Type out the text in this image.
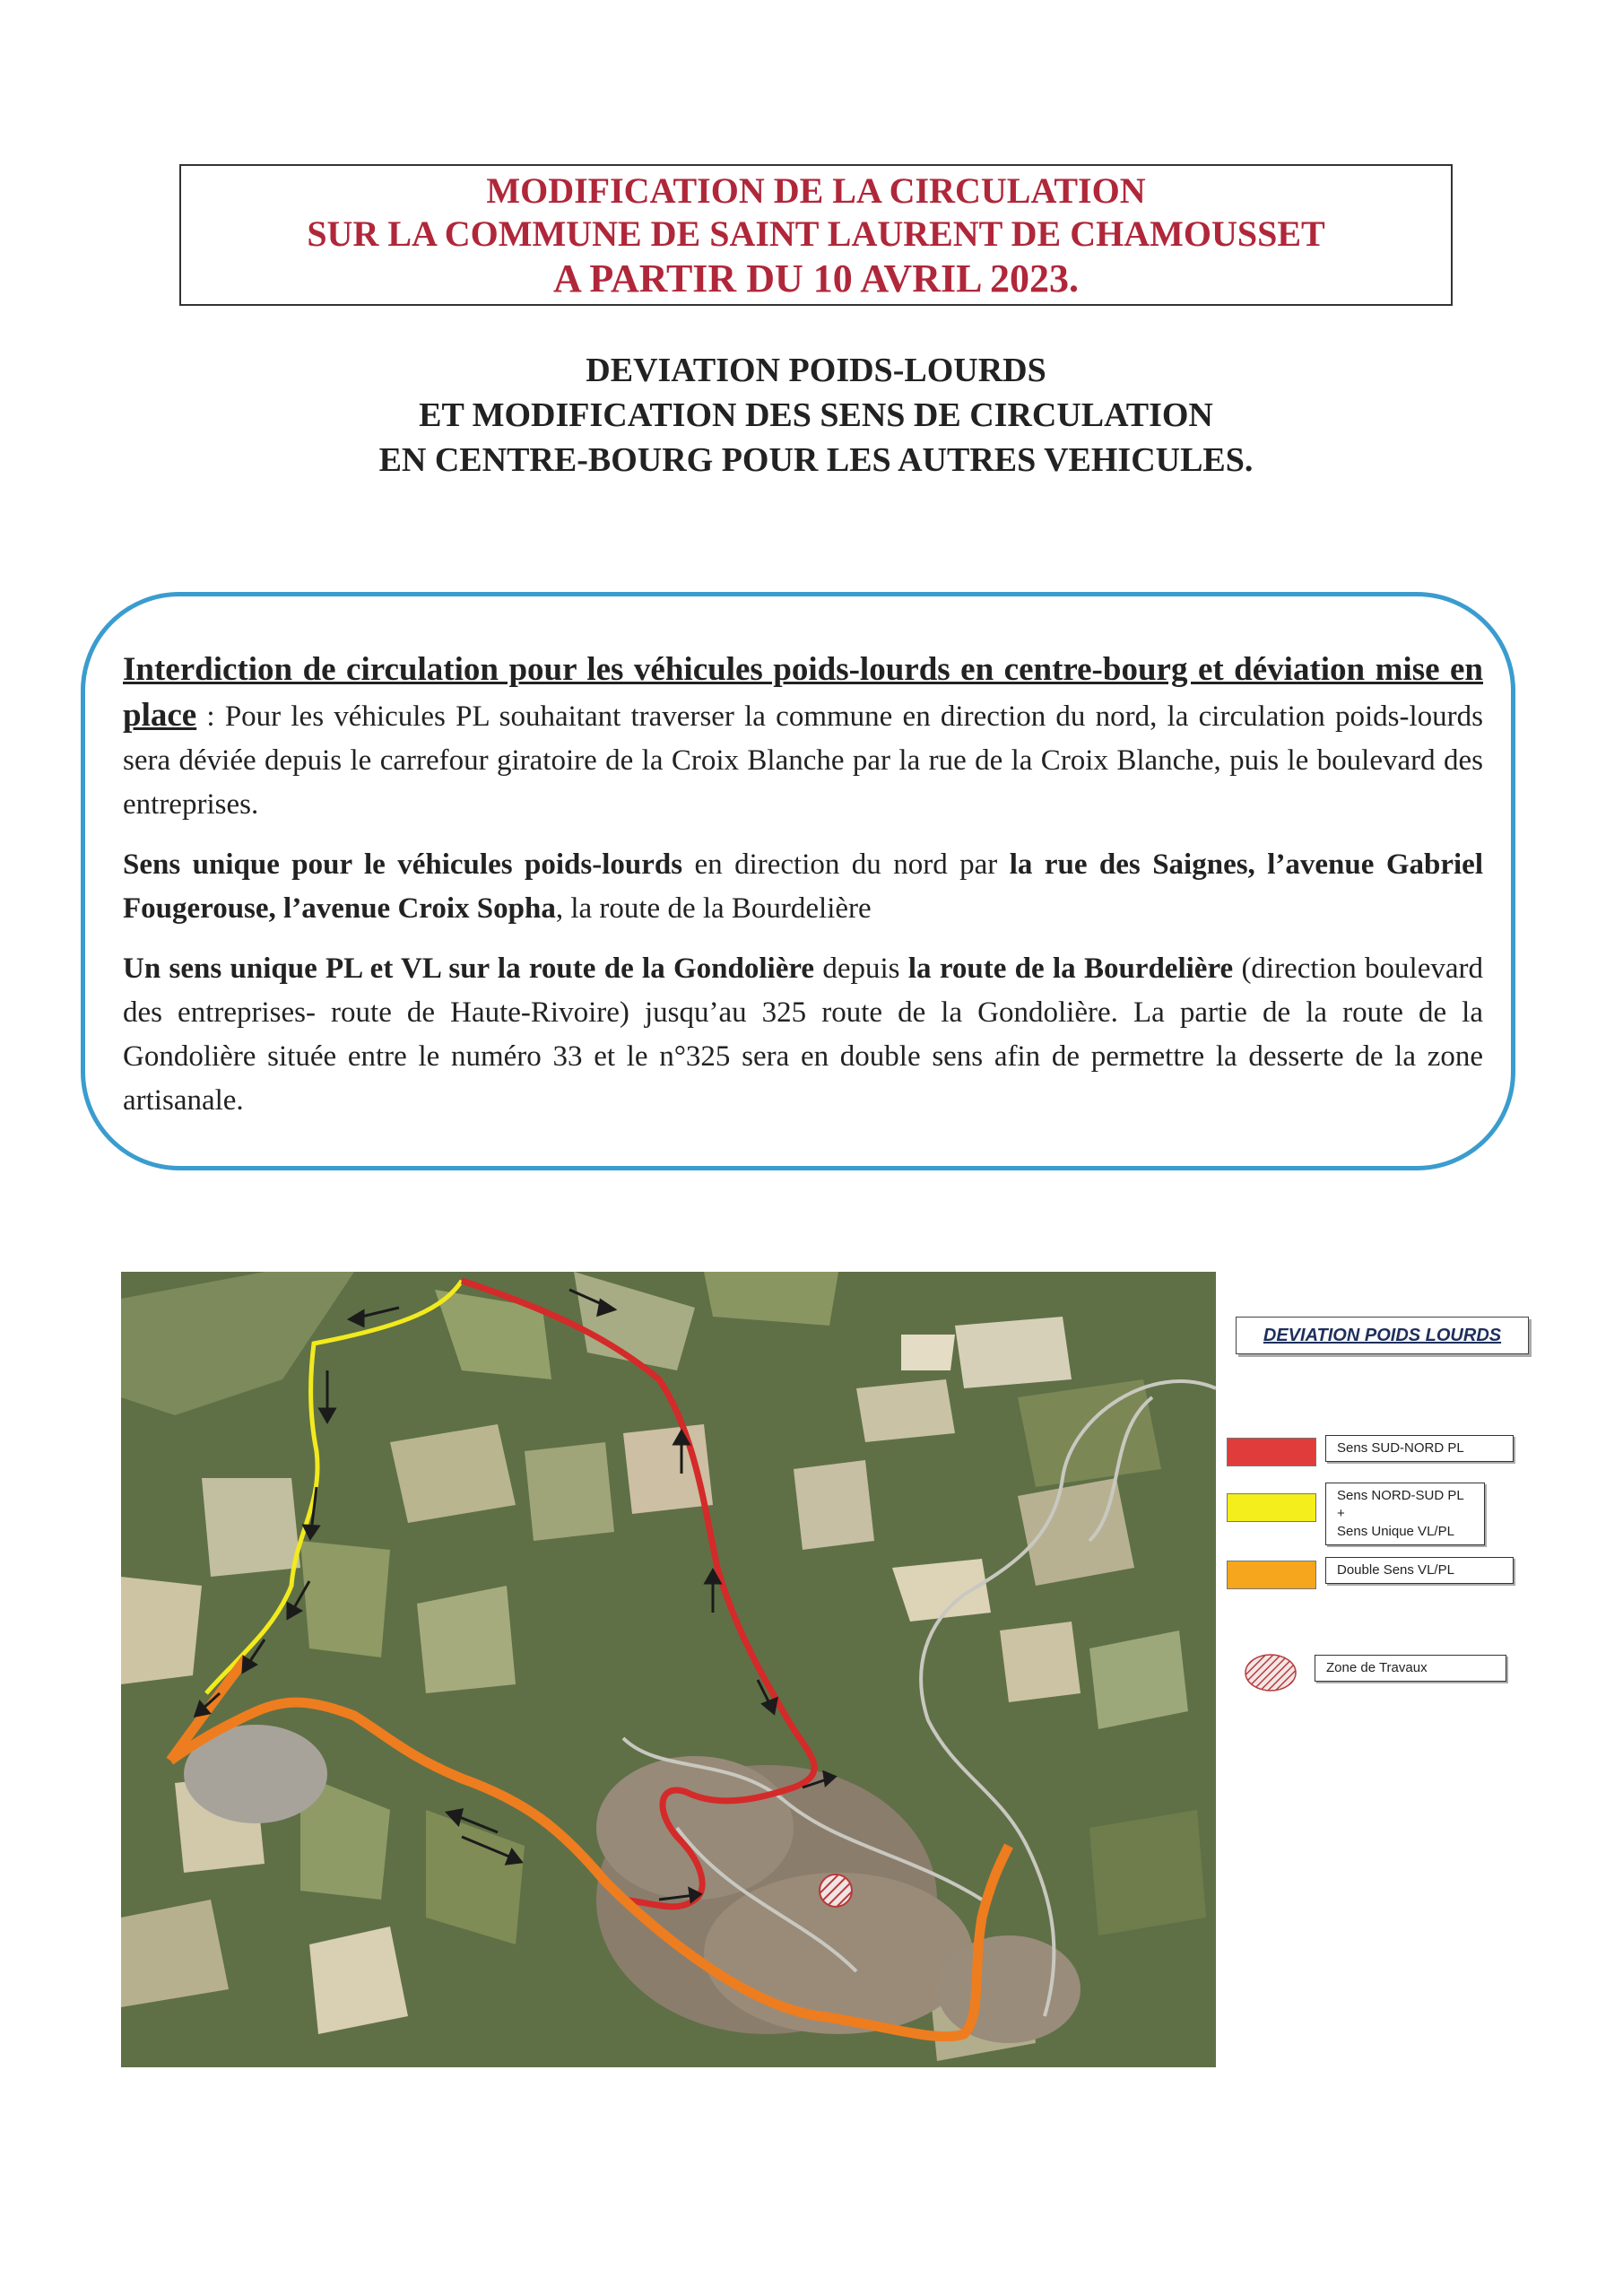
MODIFICATION DE LA CIRCULATION
SUR LA COMMUNE DE SAINT LAURENT DE CHAMOUSSET
A PARTIR DU 10 AVRIL 2023.
DEVIATION POIDS-LOURDS
ET MODIFICATION DES SENS DE CIRCULATION
EN CENTRE-BOURG POUR LES AUTRES VEHICULES.

Interdiction de circulation pour les véhicules poids-lourds en centre-bourg et déviation mise en place : Pour les véhicules PL souhaitant traverser la commune en direction du nord, la circulation poids-lourds sera déviée depuis le carrefour giratoire de la Croix Blanche par la rue de la Croix Blanche, puis le boulevard des entreprises.

Sens unique pour le véhicules poids-lourds en direction du nord par la rue des Saignes, l’avenue Gabriel Fougerouse, l’avenue Croix Sopha, la route de la Bourdelière

Un sens unique PL et VL sur la route de la Gondolière depuis la route de la Bourdelière (direction boulevard des entreprises- route de Haute-Rivoire) jusqu’au 325 route de la Gondolière. La partie de la route de la Gondolière située entre le numéro 33 et le n°325 sera en double sens afin de permettre la desserte de la zone artisanale.

DEVIATION POIDS LOURDS
Sens SUD-NORD PL
Sens NORD-SUD PL +
Sens Unique VL/PL
Double Sens VL/PL
Zone de Travaux
